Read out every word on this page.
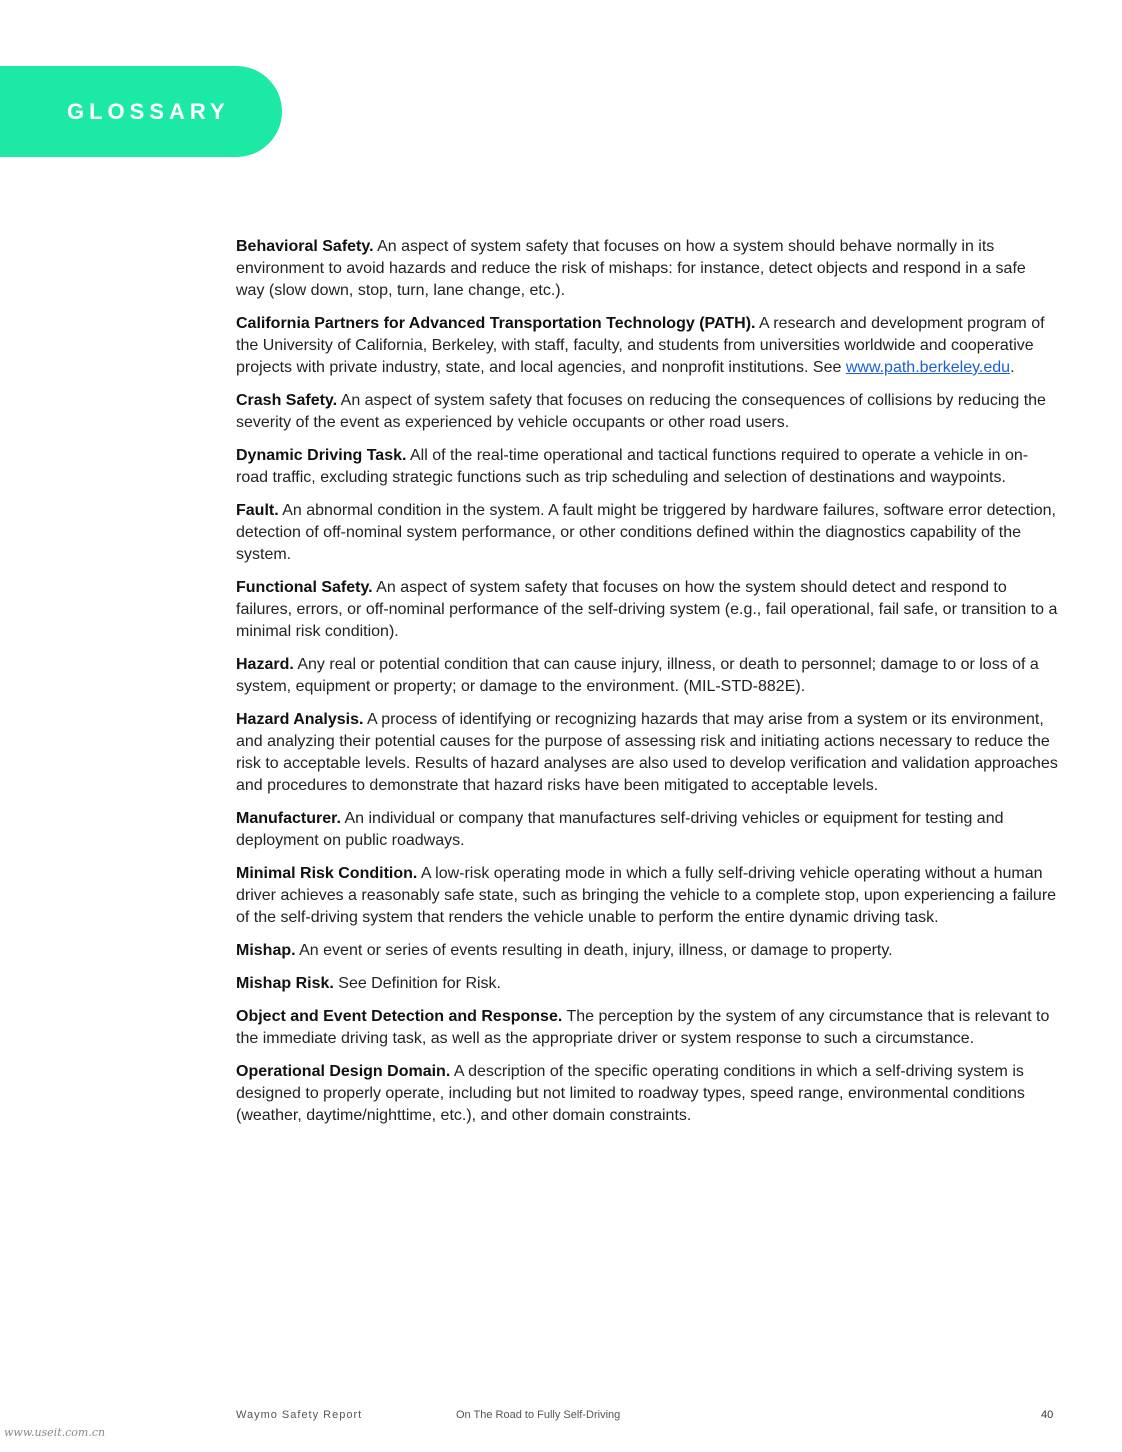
GLOSSARY

Behavioral Safety. An aspect of system safety that focuses on how a system should behave normally in its environment to avoid hazards and reduce the risk of mishaps: for instance, detect objects and respond in a safe way (slow down, stop, turn, lane change, etc.).

California Partners for Advanced Transportation Technology (PATH). A research and development program of the University of California, Berkeley, with staff, faculty, and students from universities worldwide and cooperative projects with private industry, state, and local agencies, and nonprofit institutions. See www.path.berkeley.edu.

Crash Safety. An aspect of system safety that focuses on reducing the consequences of collisions by reducing the severity of the event as experienced by vehicle occupants or other road users.

Dynamic Driving Task. All of the real-time operational and tactical functions required to operate a vehicle in on-road traffic, excluding strategic functions such as trip scheduling and selection of destinations and waypoints.

Fault. An abnormal condition in the system. A fault might be triggered by hardware failures, software error detection, detection of off-nominal system performance, or other conditions defined within the diagnostics capability of the system.

Functional Safety. An aspect of system safety that focuses on how the system should detect and respond to failures, errors, or off-nominal performance of the self-driving system (e.g., fail operational, fail safe, or transition to a minimal risk condition).

Hazard. Any real or potential condition that can cause injury, illness, or death to personnel; damage to or loss of a system, equipment or property; or damage to the environment. (MIL-STD-882E).

Hazard Analysis. A process of identifying or recognizing hazards that may arise from a system or its environment, and analyzing their potential causes for the purpose of assessing risk and initiating actions necessary to reduce the risk to acceptable levels. Results of hazard analyses are also used to develop verification and validation approaches and procedures to demonstrate that hazard risks have been mitigated to acceptable levels.

Manufacturer. An individual or company that manufactures self-driving vehicles or equipment for testing and deployment on public roadways.

Minimal Risk Condition. A low-risk operating mode in which a fully self-driving vehicle operating without a human driver achieves a reasonably safe state, such as bringing the vehicle to a complete stop, upon experiencing a failure of the self-driving system that renders the vehicle unable to perform the entire dynamic driving task.

Mishap. An event or series of events resulting in death, injury, illness, or damage to property.

Mishap Risk. See Definition for Risk.

Object and Event Detection and Response. The perception by the system of any circumstance that is relevant to the immediate driving task, as well as the appropriate driver or system response to such a circumstance.

Operational Design Domain. A description of the specific operating conditions in which a self-driving system is designed to properly operate, including but not limited to roadway types, speed range, environmental conditions (weather, daytime/nighttime, etc.), and other domain constraints.

Waymo Safety Report	On The Road to Fully Self-Driving	40
www.useit.com.cn
